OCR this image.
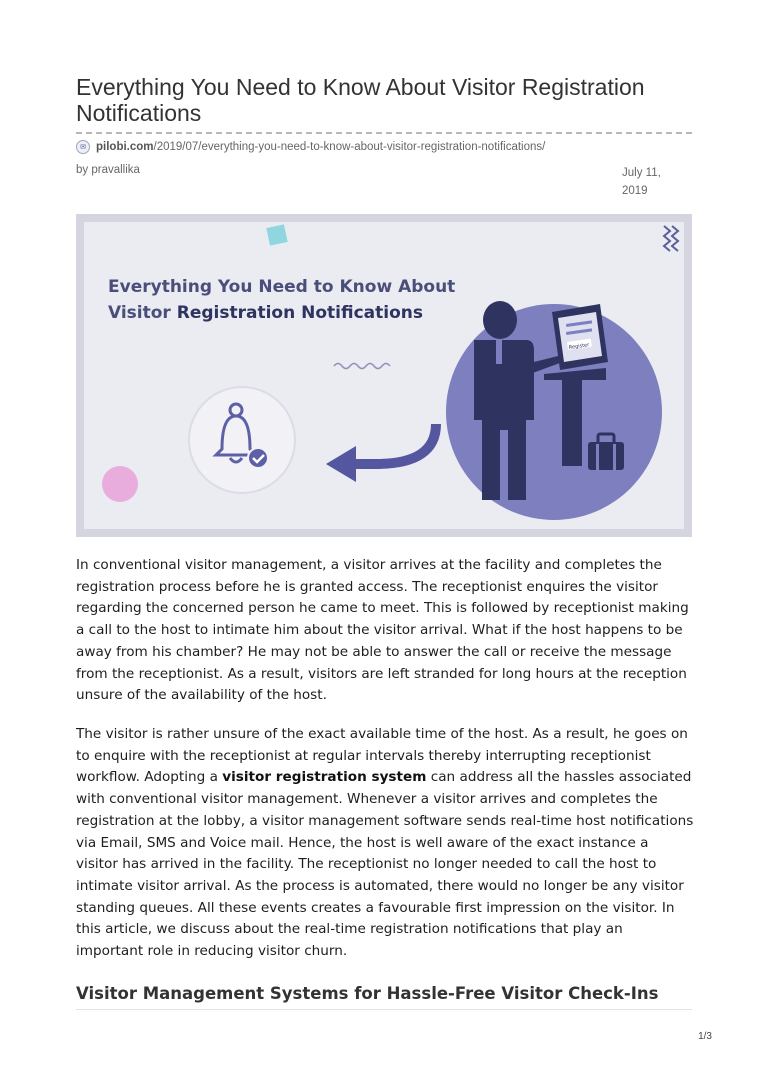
Everything You Need to Know About Visitor Registration Notifications
✉ pilobi.com /2019/07/everything-you-need-to-know-about-visitor-registration-notifications/
by pravallika	July 11, 2019
Register
Everything You Need to Know About
Visitor Registration Notifications

In conventional visitor management, a visitor arrives at the facility and completes the registration process before he is granted access. The receptionist enquires the visitor regarding the concerned person he came to meet. This is followed by receptionist making a call to the host to intimate him about the visitor arrival. What if the host happens to be away from his chamber? He may not be able to answer the call or receive the message from the receptionist. As a result, visitors are left stranded for long hours at the reception unsure of the availability of the host.

The visitor is rather unsure of the exact available time of the host. As a result, he goes on to enquire with the receptionist at regular intervals thereby interrupting receptionist workflow. Adopting a visitor registration system can address all the hassles associated with conventional visitor management. Whenever a visitor arrives and completes the registration at the lobby, a visitor management software sends real-time host notifications via Email, SMS and Voice mail. Hence, the host is well aware of the exact instance a visitor has arrived in the facility. The receptionist no longer needed to call the host to intimate visitor arrival. As the process is automated, there would no longer be any visitor standing queues. All these events creates a favourable first impression on the visitor. In this article, we discuss about the real-time registration notifications that play an important role in reducing visitor churn.

Visitor Management Systems for Hassle-Free Visitor Check-Ins
1/3
